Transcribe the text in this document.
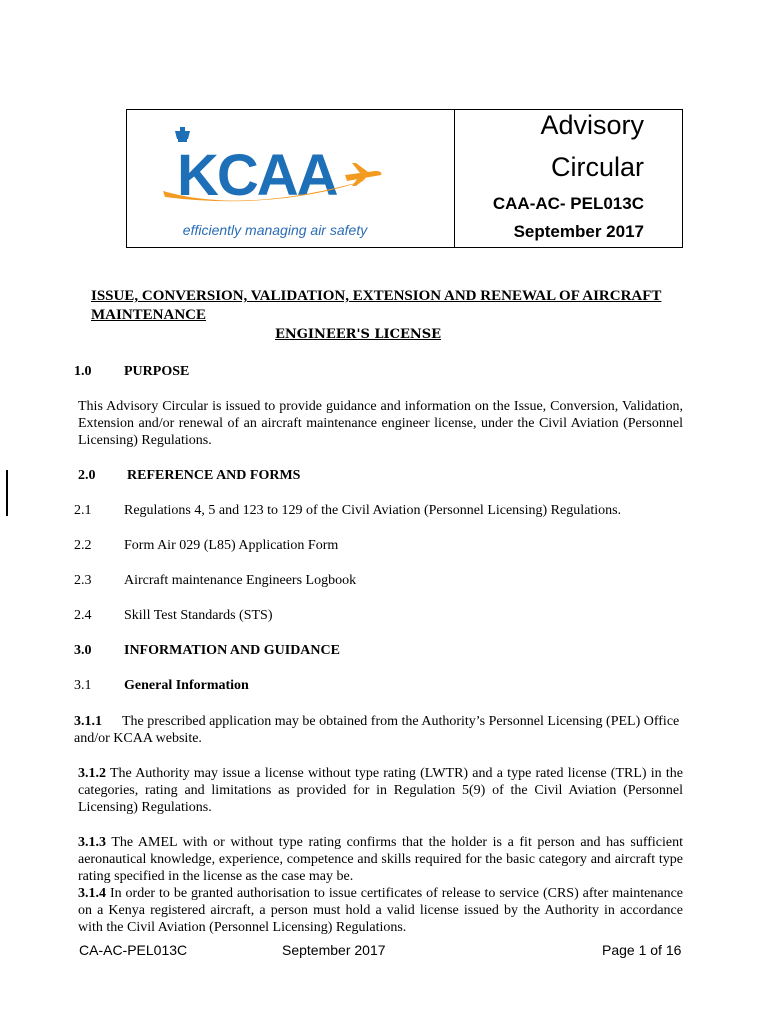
KCAA
efficiently managing air safety
Advisory
Circular
CAA-AC- PEL013C
September 2017
ISSUE, CONVERSION, VALIDATION, EXTENSION AND RENEWAL OF AIRCRAFT
MAINTENANCE
ENGINEER'S LICENSE
1.0 PURPOSE
This Advisory Circular is issued to provide guidance and information on the Issue, Conversion, Validation, Extension and/or renewal of an aircraft maintenance engineer license, under the Civil Aviation (Personnel Licensing) Regulations.
2.0 REFERENCE AND FORMS
2.1 Regulations 4, 5 and 123 to 129 of the Civil Aviation (Personnel Licensing) Regulations.
2.2 Form Air 029 (L85) Application Form
2.3 Aircraft maintenance Engineers Logbook
2.4 Skill Test Standards (STS)
3.0 INFORMATION AND GUIDANCE
3.1 General Information
3.1.1 The prescribed application may be obtained from the Authority’s Personnel Licensing (PEL) Office and/or KCAA website.
3.1.2 The Authority may issue a license without type rating (LWTR) and a type rated license (TRL) in the categories, rating and limitations as provided for in Regulation 5(9) of the Civil Aviation (Personnel Licensing) Regulations.
3.1.3 The AMEL with or without type rating confirms that the holder is a fit person and has sufficient aeronautical knowledge, experience, competence and skills required for the basic category and aircraft type rating specified in the license as the case may be.
3.1.4 In order to be granted authorisation to issue certificates of release to service (CRS) after maintenance on a Kenya registered aircraft, a person must hold a valid license issued by the Authority in accordance with the Civil Aviation (Personnel Licensing) Regulations.
CA-AC-PEL013C	September 2017	Page 1 of 16
